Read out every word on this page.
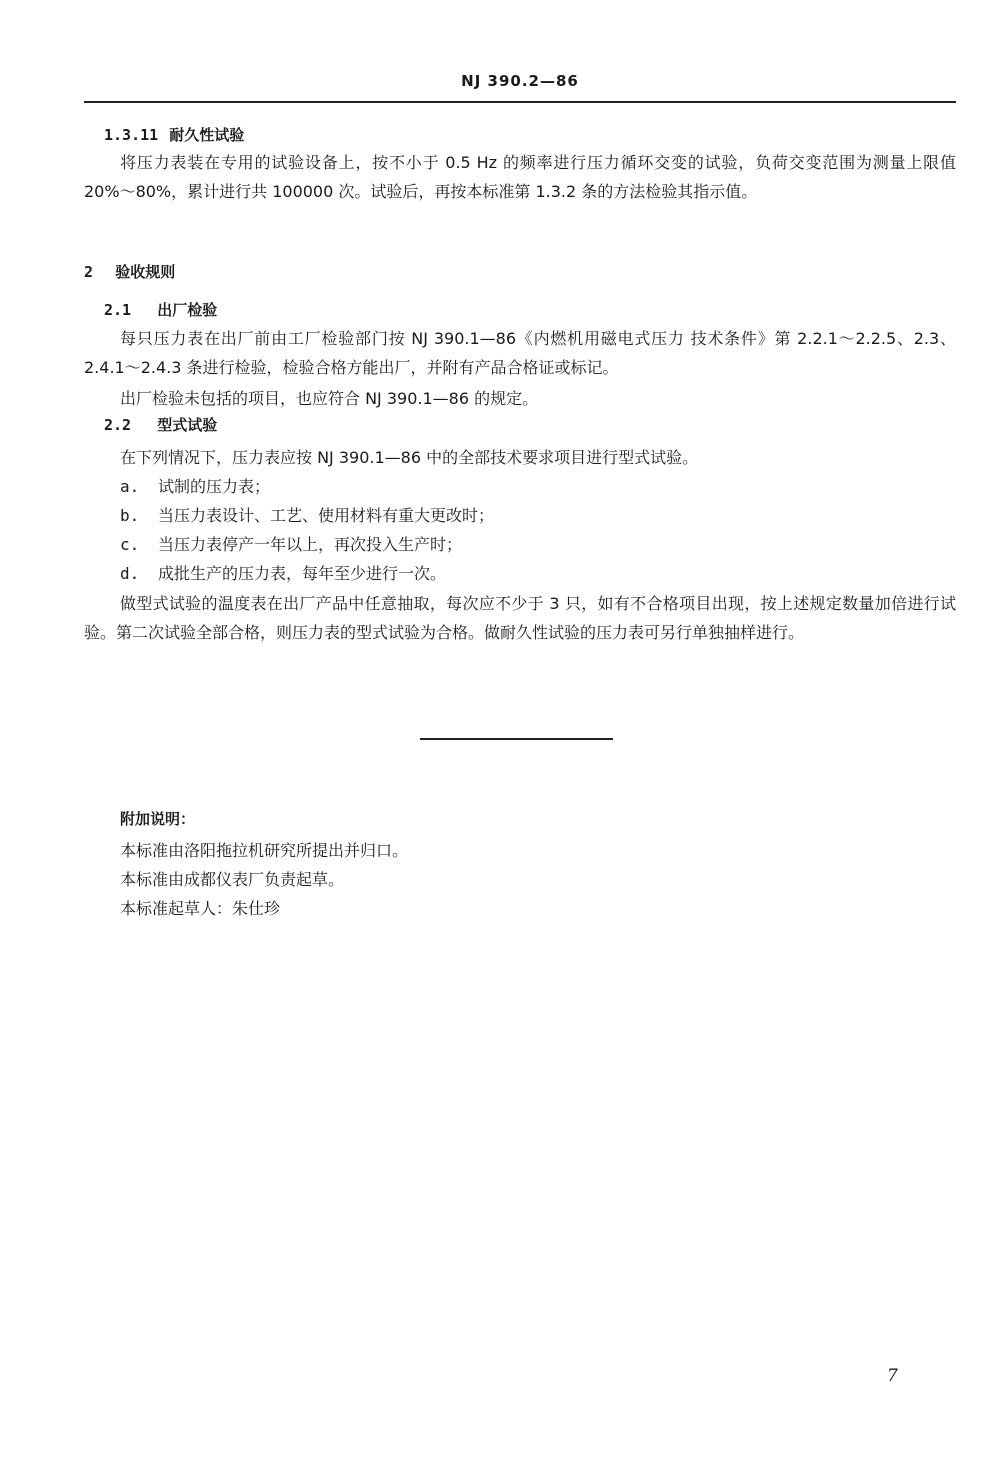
NJ 390.2—86
1.3.11 耐久性试验
将压力表装在专用的试验设备上，按不小于 0.5 Hz 的频率进行压力循环交变的试验，负荷交变范围为测量上限值 20%～80%，累计进行共 100000 次。试验后，再按本标准第 1.3.2 条的方法检验其指示值。
2 验收规则
2.1 出厂检验
每只压力表在出厂前由工厂检验部门按 NJ 390.1—86《内燃机用磁电式压力 技术条件》第 2.2.1～2.2.5、2.3、2.4.1～2.4.3 条进行检验，检验合格方能出厂，并附有产品合格证或标记。
出厂检验未包括的项目，也应符合 NJ 390.1—86 的规定。
2.2 型式试验
在下列情况下，压力表应按 NJ 390.1—86 中的全部技术要求项目进行型式试验。
a. 试制的压力表；
b. 当压力表设计、工艺、使用材料有重大更改时；
c. 当压力表停产一年以上，再次投入生产时；
d. 成批生产的压力表，每年至少进行一次。
做型式试验的温度表在出厂产品中任意抽取，每次应不少于 3 只，如有不合格项目出现，按上述规定数量加倍进行试验。第二次试验全部合格，则压力表的型式试验为合格。做耐久性试验的压力表可另行单独抽样进行。
附加说明：
本标准由洛阳拖拉机研究所提出并归口。
本标准由成都仪表厂负责起草。
本标准起草人：朱仕珍
7
